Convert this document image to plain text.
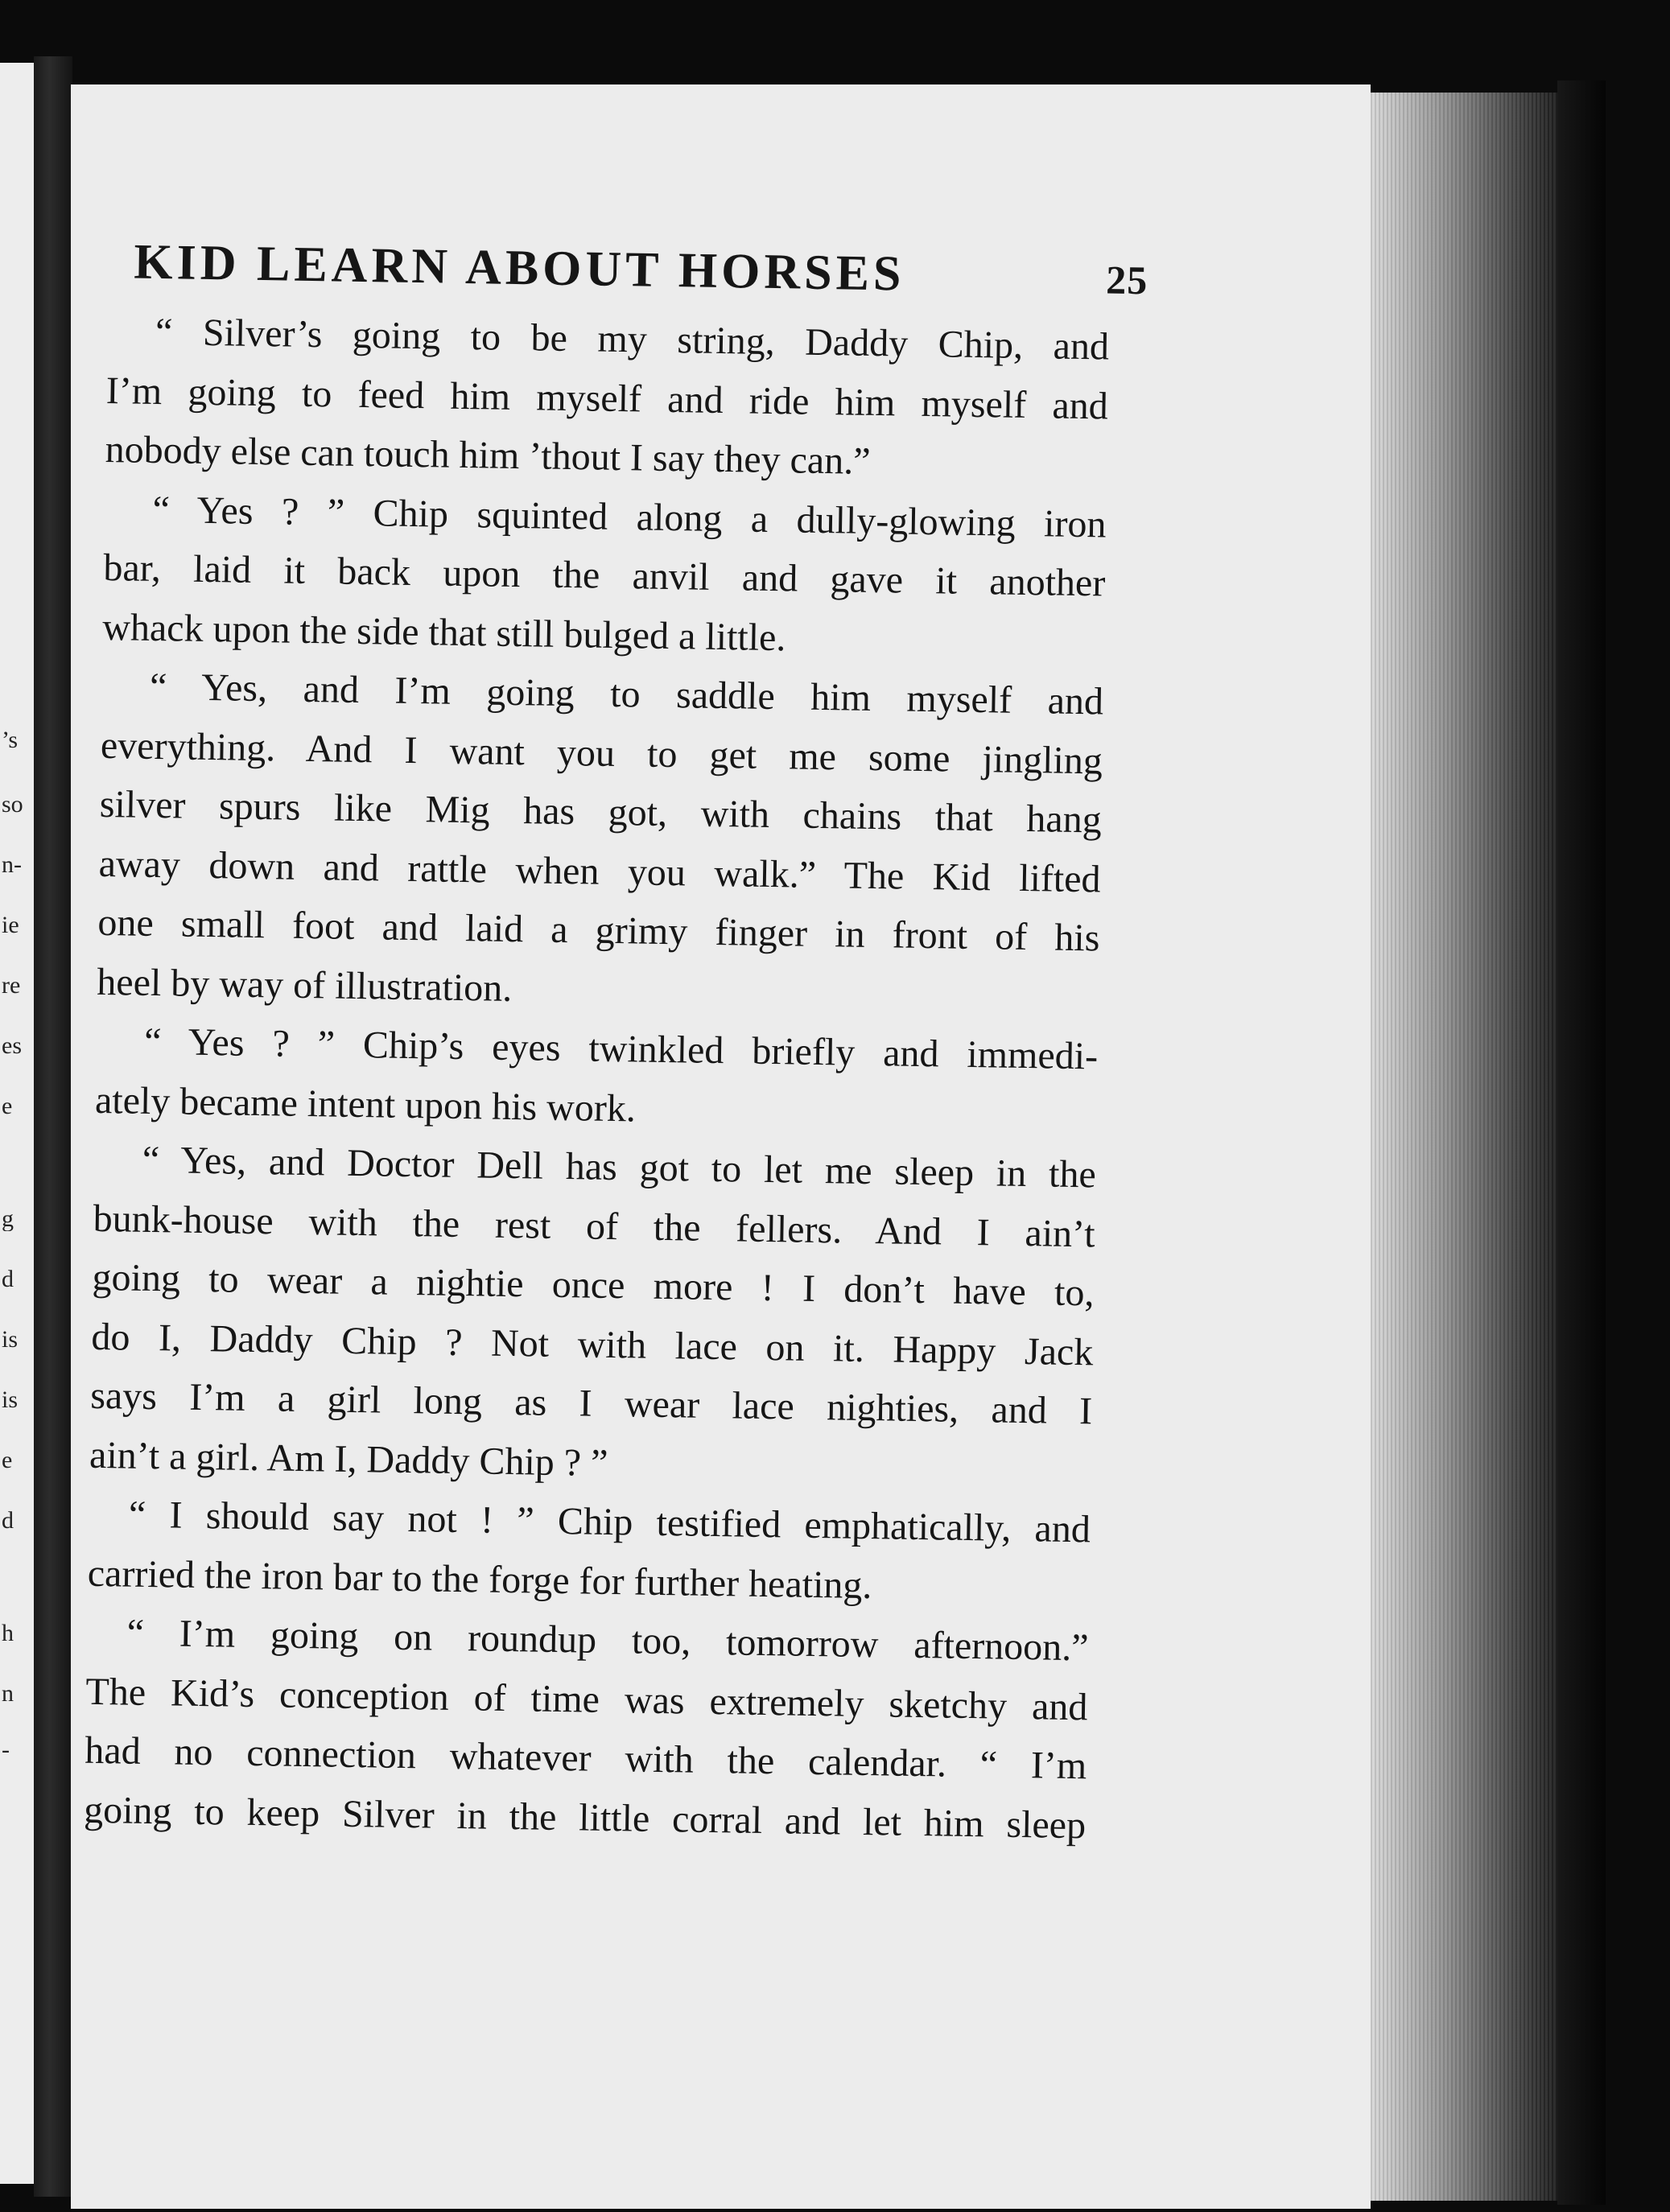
’s
so
n-
ie
re
es
e
g
d
is
is
e
d
h
n
-
KID LEARN ABOUT HORSES	25
“ Silver’s going to be my string, Daddy Chip, and
I’m going to feed him myself and ride him myself and
nobody else can touch him ’thout I say they can.”
“ Yes ? ” Chip squinted along a dully-glowing iron
bar, laid it back upon the anvil and gave it another
whack upon the side that still bulged a little.
“ Yes, and I’m going to saddle him myself and
everything. And I want you to get me some jingling
silver spurs like Mig has got, with chains that hang
away down and rattle when you walk.” The Kid lifted
one small foot and laid a grimy finger in front of his
heel by way of illustration.
“ Yes ? ” Chip’s eyes twinkled briefly and immedi-
ately became intent upon his work.
“ Yes, and Doctor Dell has got to let me sleep in the
bunk-house with the rest of the fellers. And I ain’t
going to wear a nightie once more ! I don’t have to,
do I, Daddy Chip ? Not with lace on it. Happy Jack
says I’m a girl long as I wear lace nighties, and I
ain’t a girl. Am I, Daddy Chip ? ”
“ I should say not ! ” Chip testified emphatically, and
carried the iron bar to the forge for further heating.
“ I’m going on roundup too, tomorrow afternoon.”
The Kid’s conception of time was extremely sketchy and
had no connection whatever with the calendar. “ I’m
going to keep Silver in the little corral and let him sleep
